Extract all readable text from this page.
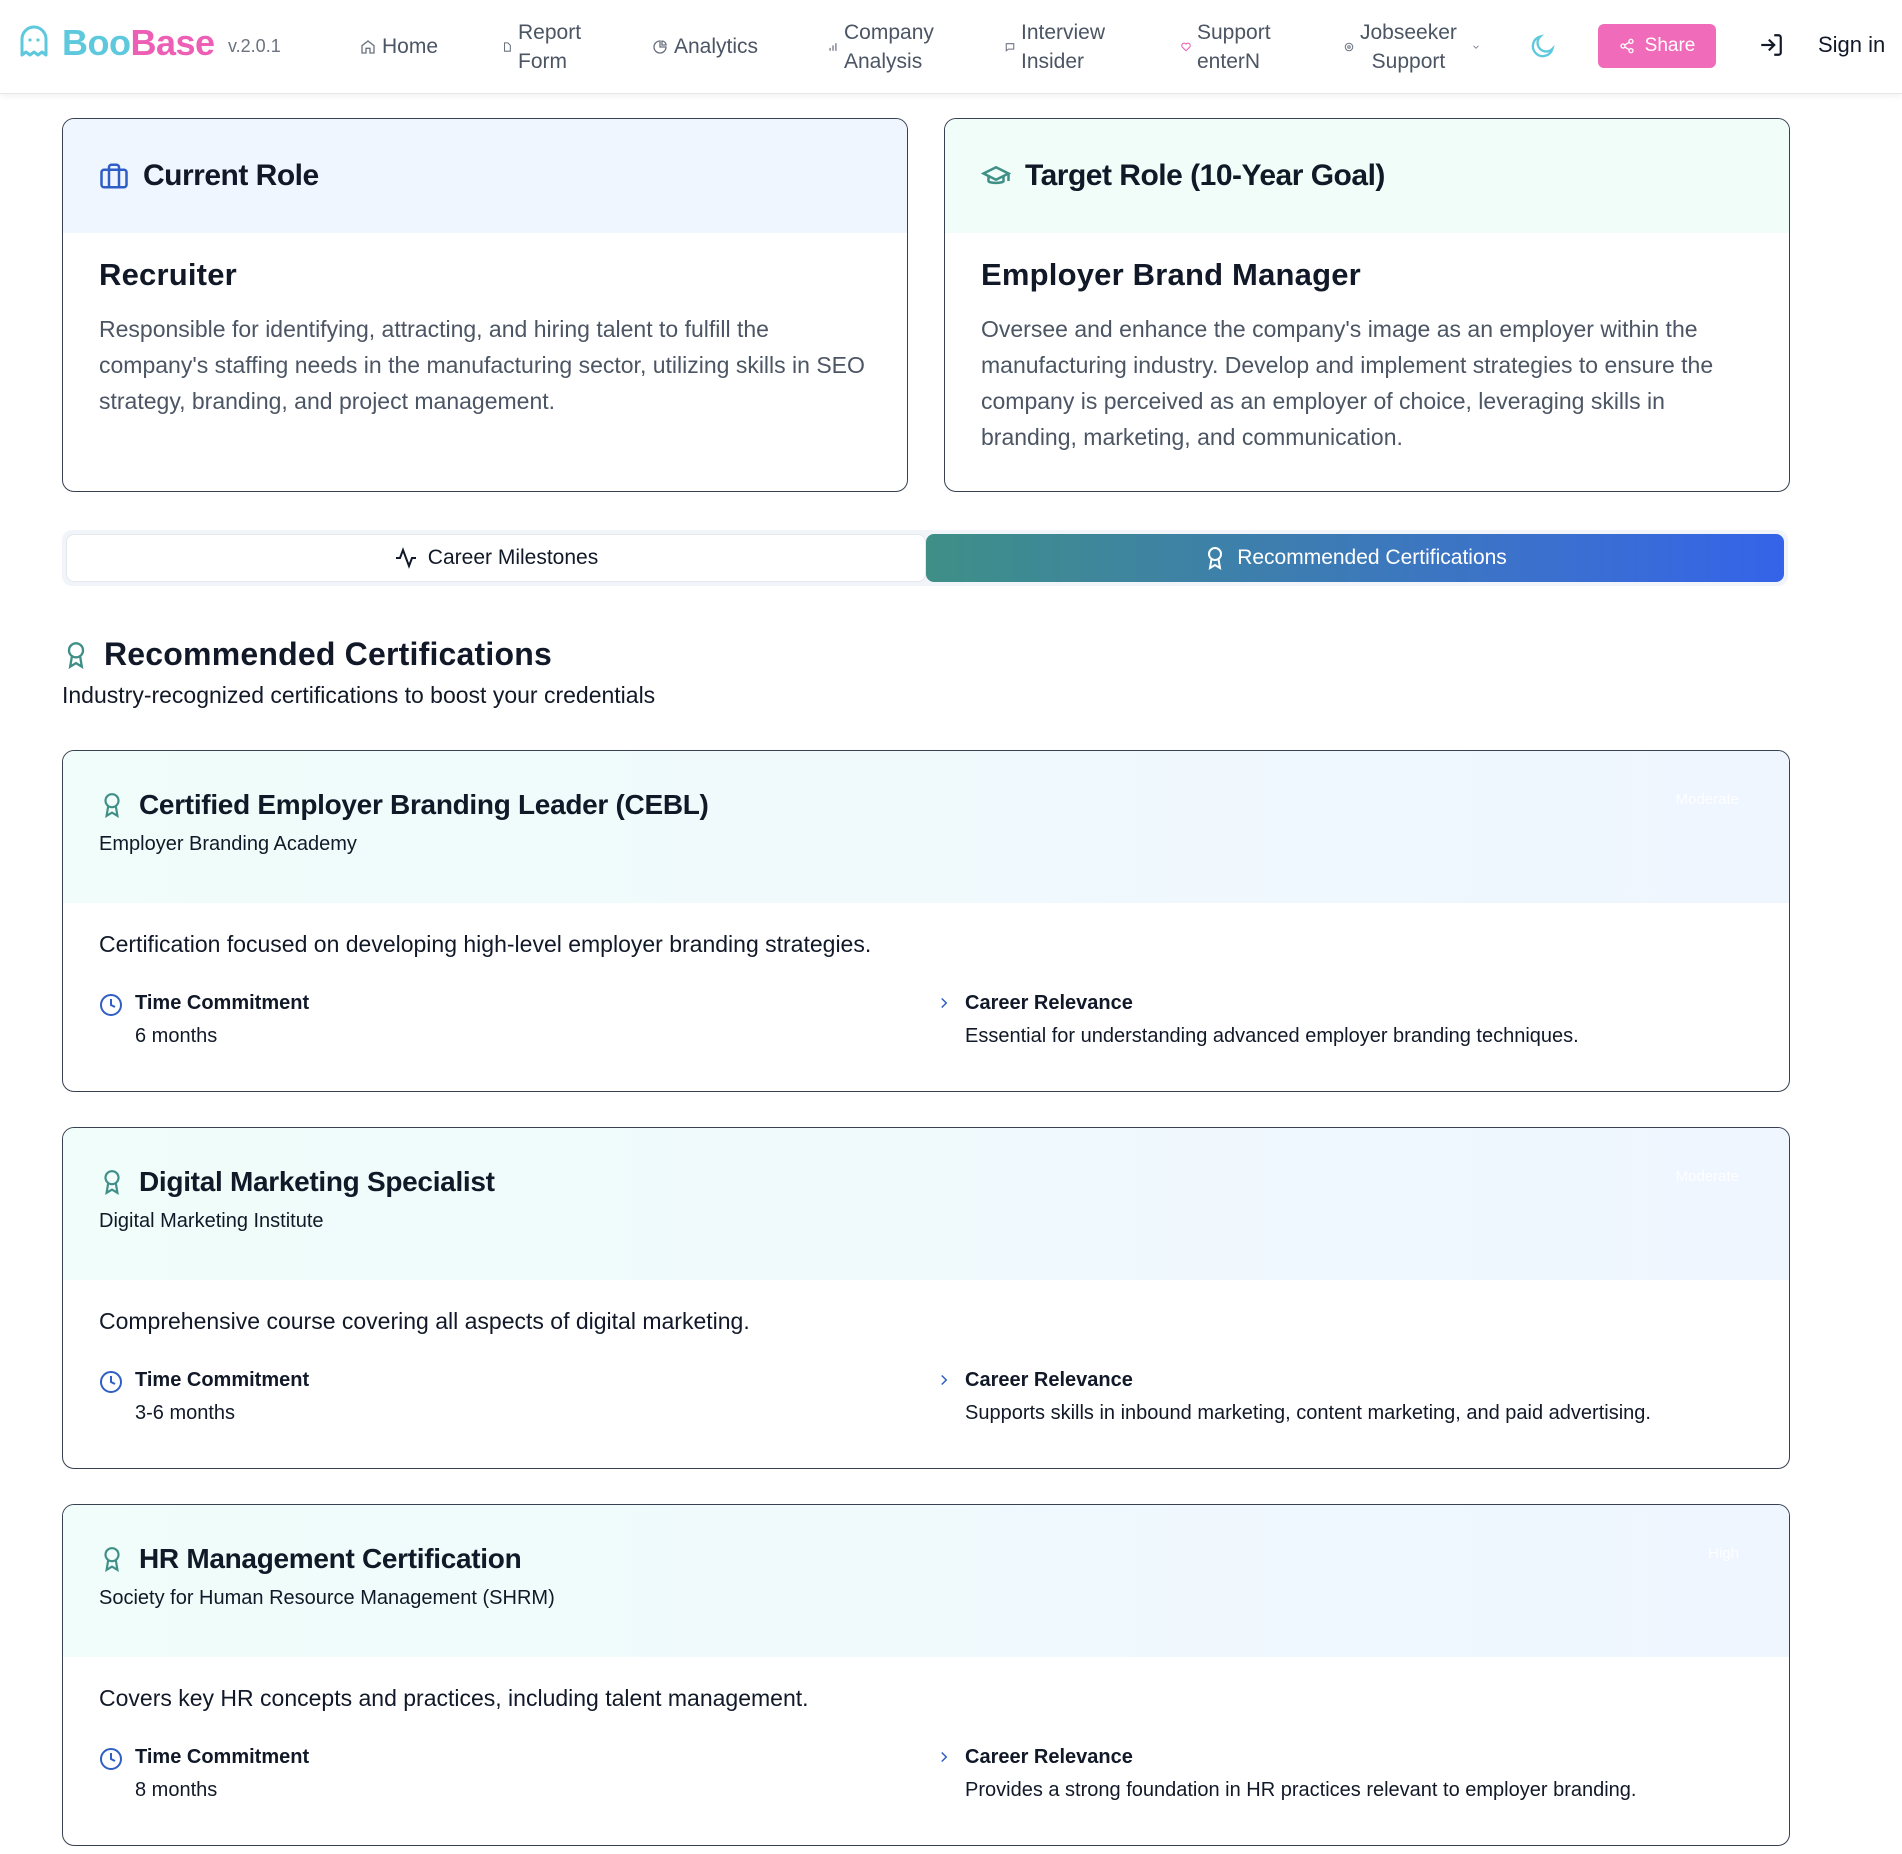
BooBase v.2.0.1	Home
Report
Form
Analytics
Company
Analysis
Interview
Insider
Support
enterN
Jobseeker
Support
Share	Sign in
Current Role
Recruiter
Responsible for identifying, attracting, and hiring talent to fulfill the company's staffing needs in the manufacturing sector, utilizing skills in SEO strategy, branding, and project management.
Target Role (10-Year Goal)
Employer Brand Manager
Oversee and enhance the company's image as an employer within the manufacturing industry. Develop and implement strategies to ensure the company is perceived as an employer of choice, leveraging skills in branding, marketing, and communication.
Career Milestones	Recommended Certifications
Recommended Certifications
Industry-recognized certifications to boost your credentials
Certified Employer Branding Leader (CEBL)
Employer Branding Academy
Moderate
Certification focused on developing high-level employer branding strategies.
Time Commitment
6 months
Career Relevance
Essential for understanding advanced employer branding techniques.
Digital Marketing Specialist
Digital Marketing Institute
Moderate
Comprehensive course covering all aspects of digital marketing.
Time Commitment
3-6 months
Career Relevance
Supports skills in inbound marketing, content marketing, and paid advertising.
HR Management Certification
Society for Human Resource Management (SHRM)
High
Covers key HR concepts and practices, including talent management.
Time Commitment
8 months
Career Relevance
Provides a strong foundation in HR practices relevant to employer branding.
